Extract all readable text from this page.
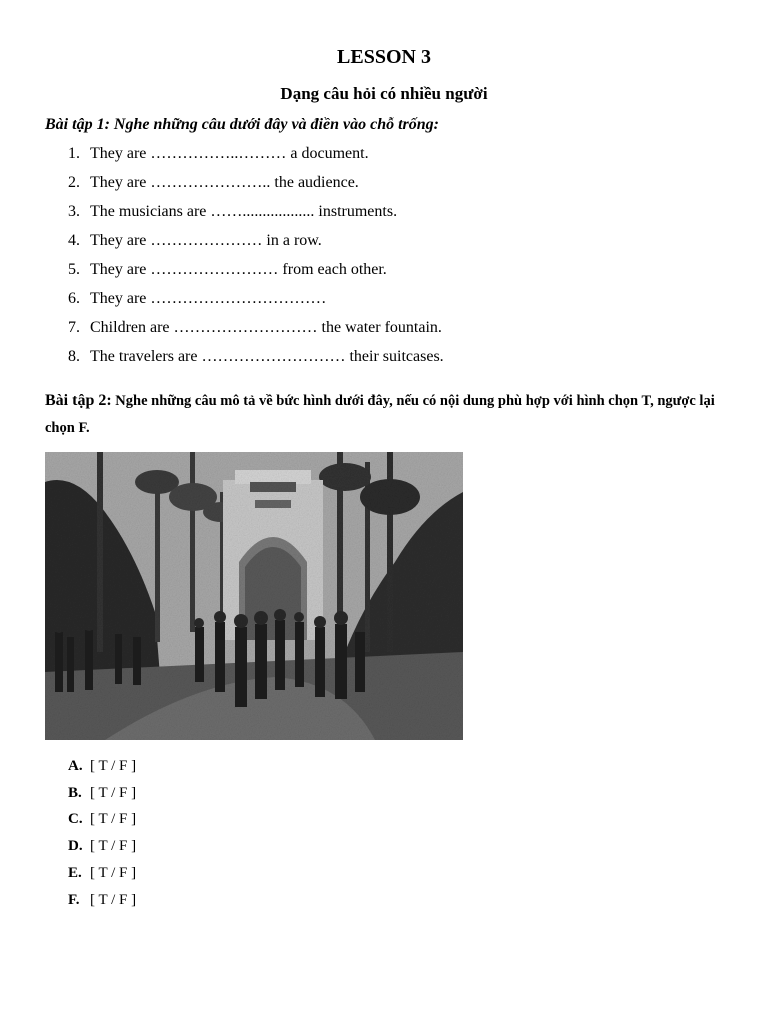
LESSON 3
Dạng câu hỏi có nhiều người
Bài tập 1: Nghe những câu dưới đây và điền vào chỗ trống:
1. They are ……………..……… a document.
2. They are ………………….. the audience.
3. The musicians are …….................. instruments.
4. They are ………………… in a row.
5. They are …………………… from each other.
6. They are ……………………………
7. Children are ……………………… the water fountain.
8. The travelers are ……………………… their suitcases.
Bài tập 2: Nghe những câu mô tả về bức hình dưới đây, nếu có nội dung phù hợp với hình chọn T, ngược lại chọn F.
A. [ T / F ]
B. [ T / F ]
C. [ T / F ]
D. [ T / F ]
E. [ T / F ]
F. [ T / F ]
